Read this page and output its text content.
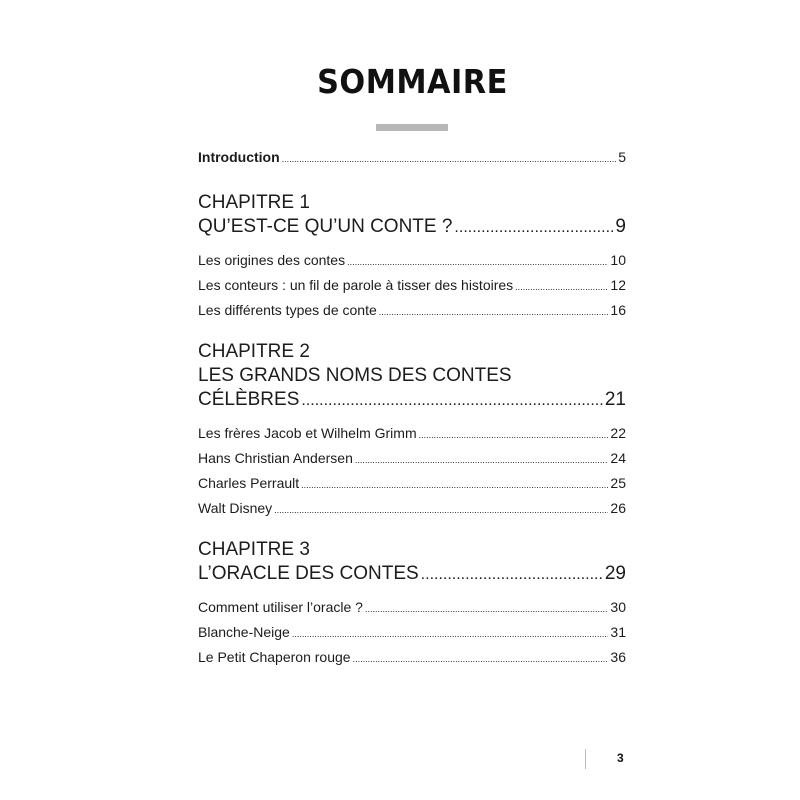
SOMMAIRE
Introduction .....	5
CHAPITRE 1
QU’EST-CE QU’UN CONTE ? .....	9
Les origines des contes .....	10
Les conteurs : un fil de parole à tisser des histoires .....	12
Les différents types de conte .....	16
CHAPITRE 2
LES GRANDS NOMS DES CONTES
CÉLÈBRES .....	21
Les frères Jacob et Wilhelm Grimm .....	22
Hans Christian Andersen .....	24
Charles Perrault .....	25
Walt Disney .....	26
CHAPITRE 3
L’ORACLE DES CONTES .....	29
Comment utiliser l’oracle ? .....	30
Blanche-Neige .....	31
Le Petit Chaperon rouge .....	36
3
